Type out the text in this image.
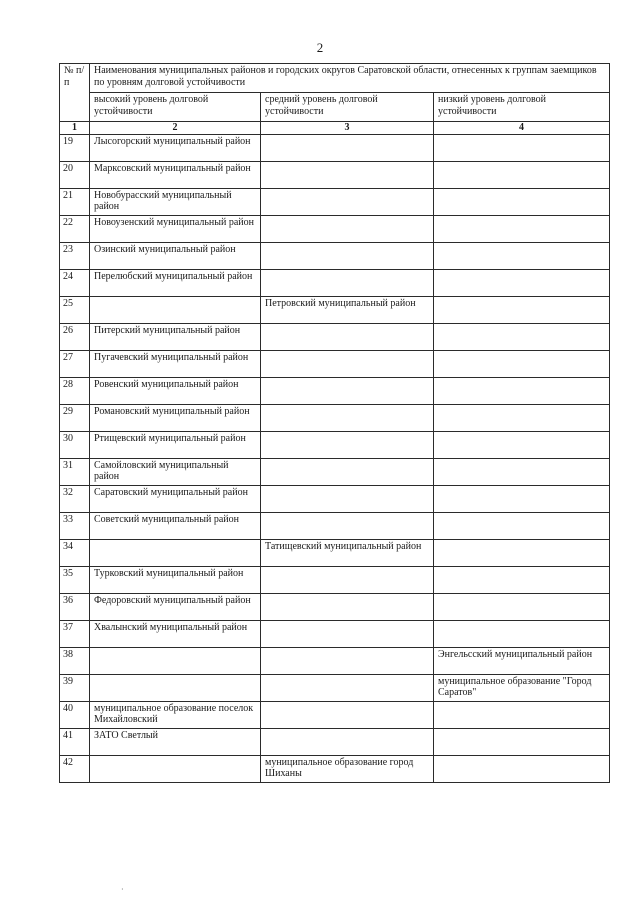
2
№ п/п	Наименования муниципальных районов и городских округов Саратовской области, отнесенных к группам заемщиков по уровням долговой устойчивости		
	высокий уровень долговой устойчивости	средний уровень долговой устойчивости	низкий уровень долговой устойчивости
1	2	3	4
19	Лысогорский муниципальный район		
20	Марксовский муниципальный район		
21	Новобурасский муниципальный район		
22	Новоузенский муниципальный район		
23	Озинский муниципальный район		
24	Перелюбский муниципальный район		
25		Петровский муниципальный район	
26	Питерский муниципальный район		
27	Пугачевский муниципальный район		
28	Ровенский муниципальный район		
29	Романовский муниципальный район		
30	Ртищевский муниципальный район		
31	Самойловский муниципальный район		
32	Саратовский муниципальный район		
33	Советский муниципальный район		
34		Татищевский муниципальный район	
35	Турковский муниципальный район		
36	Федоровский муниципальный район		
37	Хвалынский муниципальный район		
38			Энгельсский муниципальный район
39			муниципальное образование "Город Саратов"
40	муниципальное образование поселок Михайловский		
41	ЗАТО Светлый		
42		муниципальное образование город Шиханы	
·
